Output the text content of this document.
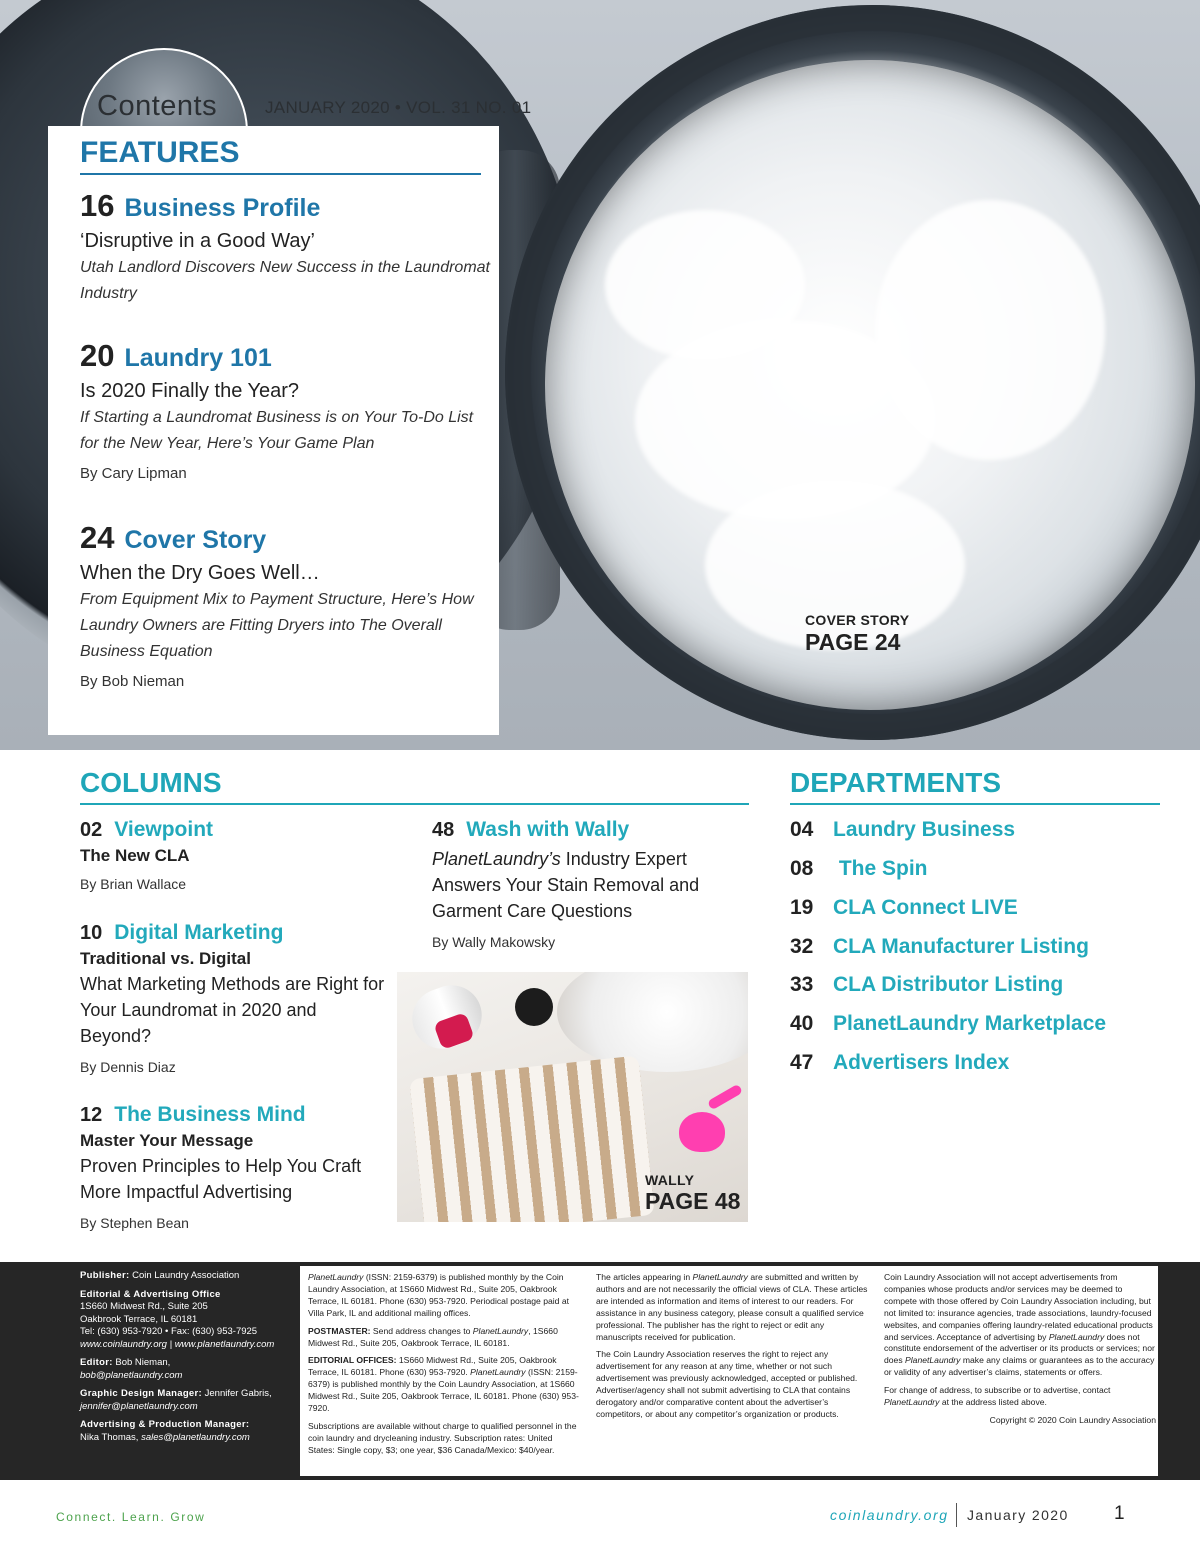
COVER STORY
PAGE 24
Contents	JANUARY 2020 • VOL. 31 NO. 01
FEATURES
16 Business Profile
‘Disruptive in a Good Way’
Utah Landlord Discovers New Success in the Laundromat Industry
20 Laundry 101
Is 2020 Finally the Year?
If Starting a Laundromat Business is on Your To-Do List for the New Year, Here’s Your Game Plan
By Cary Lipman
24 Cover Story
When the Dry Goes Well…
From Equipment Mix to Payment Structure, Here’s How Laundry Owners are Fitting Dryers into The Overall Business Equation
By Bob Nieman
COLUMNS
02 Viewpoint
The New CLA
By Brian Wallace
10 Digital Marketing
Traditional vs. Digital
What Marketing Methods are Right for Your Laundromat in 2020 and Beyond?
By Dennis Diaz
12 The Business Mind
Master Your Message
Proven Principles to Help You Craft More Impactful Advertising
By Stephen Bean
48 Wash with Wally
PlanetLaundry’s Industry Expert Answers Your Stain Removal and Garment Care Questions
By Wally Makowsky
WALLY
PAGE 48
DEPARTMENTS
04 Laundry Business
08 The Spin
19 CLA Connect LIVE
32 CLA Manufacturer Listing
33 CLA Distributor Listing
40 PlanetLaundry Marketplace
47 Advertisers Index
Publisher: Coin Laundry Association
Editorial & Advertising Office
1S660 Midwest Rd., Suite 205
Oakbrook Terrace, IL 60181
Tel: (630) 953-7920 • Fax: (630) 953-7925
www.coinlaundry.org | www.planetlaundry.com
Editor: Bob Nieman,
bob@planetlaundry.com
Graphic Design Manager: Jennifer Gabris,
jennifer@planetlaundry.com
Advertising & Production Manager:
Nika Thomas, sales@planetlaundry.com

PlanetLaundry (ISSN: 2159-6379) is published monthly by the Coin Laundry Association, at 1S660 Midwest Rd., Suite 205, Oakbrook Terrace, IL 60181. Phone (630) 953-7920. Periodical postage paid at Villa Park, IL and additional mailing offices.

POSTMASTER: Send address changes to PlanetLaundry, 1S660 Midwest Rd., Suite 205, Oakbrook Terrace, IL 60181.

EDITORIAL OFFICES: 1S660 Midwest Rd., Suite 205, Oakbrook Terrace, IL 60181. Phone (630) 953-7920. PlanetLaundry (ISSN: 2159-6379) is published monthly by the Coin Laundry Association, at 1S660 Midwest Rd., Suite 205, Oakbrook Terrace, IL 60181. Phone (630) 953-7920.

Subscriptions are available without charge to qualified personnel in the coin laundry and drycleaning industry. Subscription rates: United States: Single copy, $3; one year, $36 Canada/Mexico: $40/year.

The articles appearing in PlanetLaundry are submitted and written by authors and are not necessarily the official views of CLA. These articles are intended as information and items of interest to our readers. For assistance in any business category, please consult a qualified service professional. The publisher has the right to reject or edit any manuscripts received for publication.

The Coin Laundry Association reserves the right to reject any advertisement for any reason at any time, whether or not such advertisement was previously acknowledged, accepted or published. Advertiser/agency shall not submit advertising to CLA that contains derogatory and/or comparative content about the advertiser’s competitors, or about any competitor’s organization or products.

Coin Laundry Association will not accept advertisements from companies whose products and/or services may be deemed to compete with those offered by Coin Laundry Association including, but not limited to: insurance agencies, trade associations, laundry-focused websites, and companies offering laundry-related educational products and services. Acceptance of advertising by PlanetLaundry does not constitute endorsement of the advertiser or its products or services; nor does PlanetLaundry make any claims or guarantees as to the accuracy or validity of any advertiser’s claims, statements or offers.

For change of address, to subscribe or to advertise, contact PlanetLaundry at the address listed above.

Copyright © 2020 Coin Laundry Association

Connect. Learn. Grow	coinlaundry.org January 2020 1
